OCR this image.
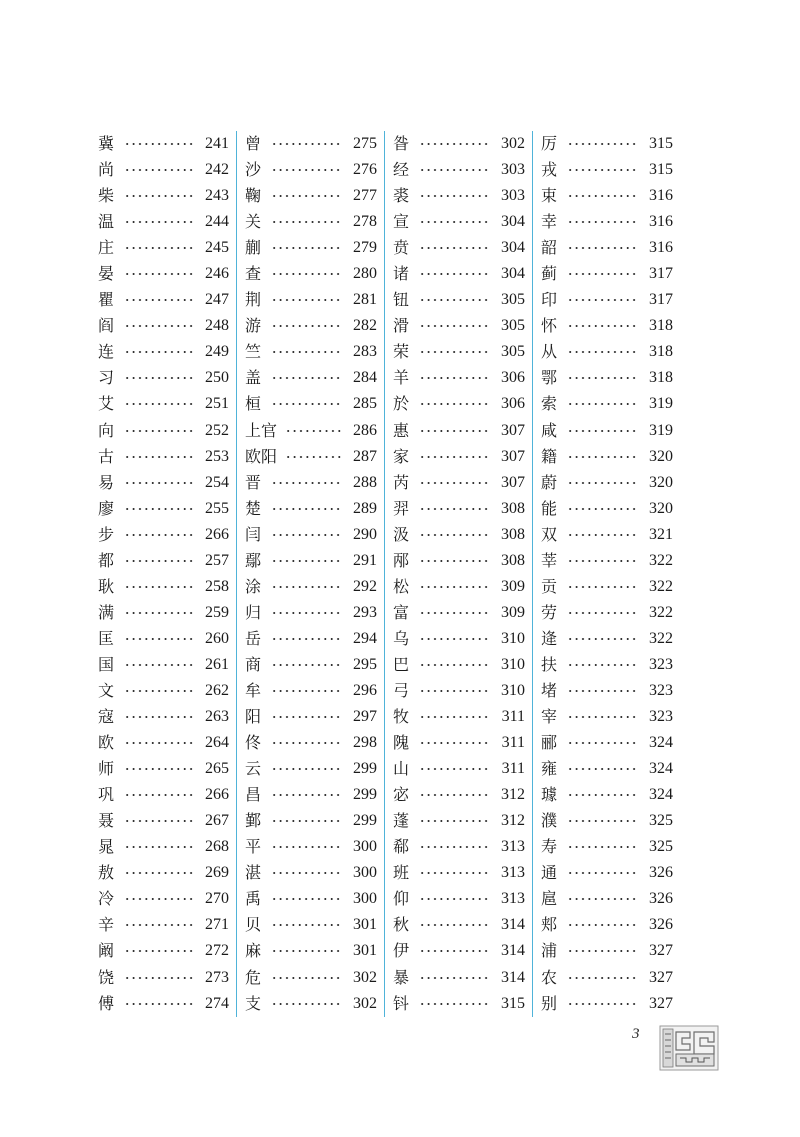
冀	241
尚	242
柴	243
温	244
庄	245
晏	246
瞿	247
阎	248
连	249
习	250
艾	251
向	252
古	253
易	254
廖	255
步	266
都	257
耿	258
满	259
匡	260
国	261
文	262
寇	263
欧	264
师	265
巩	266
聂	267
晁	268
敖	269
冷	270
辛	271
阚	272
饶	273
傅	274
曾	275
沙	276
鞠	277
关	278
蒯	279
查	280
荆	281
游	282
竺	283
盖	284
桓	285
上官	286
欧阳	287
晋	288
楚	289
闫	290
鄢	291
涂	292
归	293
岳	294
商	295
牟	296
阳	297
佟	298
云	299
昌	299
鄞	299
平	300
湛	300
禹	300
贝	301
麻	301
危	302
支	302
昝	302
经	303
裘	303
宣	304
贲	304
诸	304
钮	305
滑	305
荣	305
羊	306
於	306
惠	307
家	307
芮	307
羿	308
汲	308
邴	308
松	309
富	309
乌	310
巴	310
弓	310
牧	311
隗	311
山	311
宓	312
蓬	312
郗	313
班	313
仰	313
秋	314
伊	314
暴	314
钭	315
厉	315
戎	315
束	316
幸	316
韶	316
蓟	317
印	317
怀	318
从	318
鄂	318
索	319
咸	319
籍	320
蔚	320
能	320
双	321
莘	322
贡	322
劳	322
逄	322
扶	323
堵	323
宰	323
郦	324
雍	324
璩	324
濮	325
寿	325
通	326
扈	326
郏	326
浦	327
农	327
别	327
3
